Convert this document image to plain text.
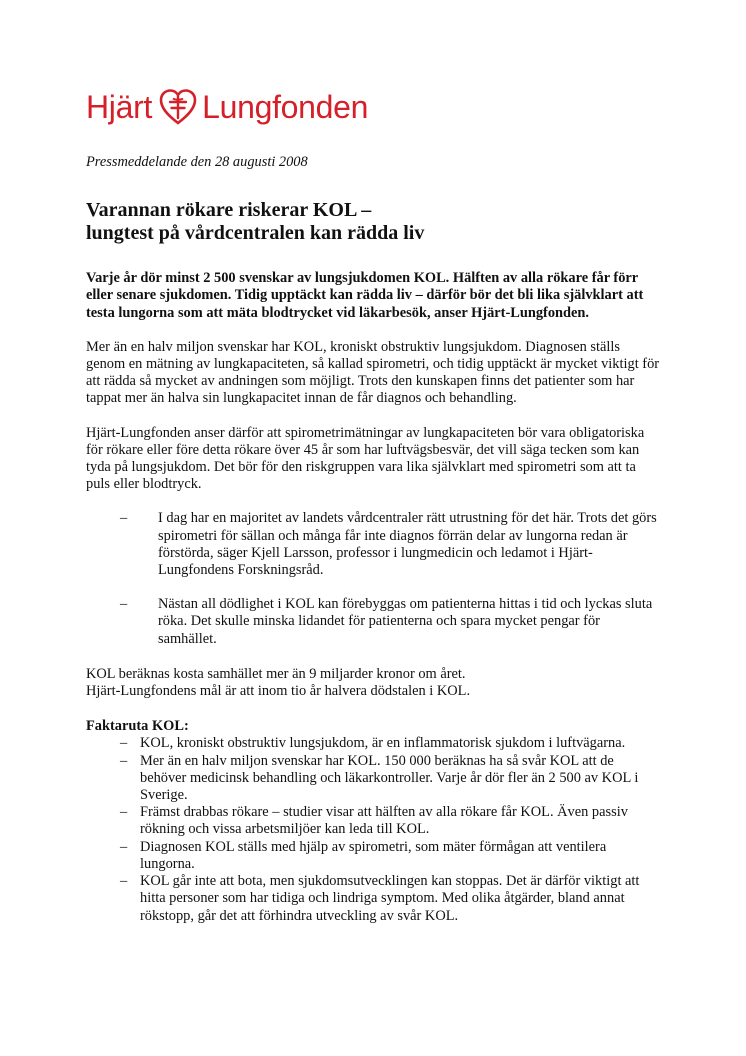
Hjärt Lungfonden

Pressmeddelande den 28 augusti 2008

Varannan rökare riskerar KOL –
lungtest på vårdcentralen kan rädda liv

Varje år dör minst 2 500 svenskar av lungsjukdomen KOL. Hälften av alla rökare får förr eller senare sjukdomen. Tidig upptäckt kan rädda liv – därför bör det bli lika självklart att testa lungorna som att mäta blodtrycket vid läkarbesök, anser Hjärt-Lungfonden.

Mer än en halv miljon svenskar har KOL, kroniskt obstruktiv lungsjukdom. Diagnosen ställs genom en mätning av lungkapaciteten, så kallad spirometri, och tidig upptäckt är mycket viktigt för att rädda så mycket av andningen som möjligt. Trots den kunskapen finns det patienter som har tappat mer än halva sin lungkapacitet innan de får diagnos och behandling.

Hjärt-Lungfonden anser därför att spirometrimätningar av lungkapaciteten bör vara obligatoriska för rökare eller före detta rökare över 45 år som har luftvägsbesvär, det vill säga tecken som kan tyda på lungsjukdom. Det bör för den riskgruppen vara lika självklart med spirometri som att ta puls eller blodtryck.

– I dag har en majoritet av landets vårdcentraler rätt utrustning för det här. Trots det görs spirometri för sällan och många får inte diagnos förrän delar av lungorna redan är förstörda, säger Kjell Larsson, professor i lungmedicin och ledamot i Hjärt-Lungfondens Forskningsråd.
– Nästan all dödlighet i KOL kan förebyggas om patienterna hittas i tid och lyckas sluta röka. Det skulle minska lidandet för patienterna och spara mycket pengar för samhället.

KOL beräknas kosta samhället mer än 9 miljarder kronor om året.
Hjärt-Lungfondens mål är att inom tio år halvera dödstalen i KOL.

Faktaruta KOL:

– KOL, kroniskt obstruktiv lungsjukdom, är en inflammatorisk sjukdom i luftvägarna.
– Mer än en halv miljon svenskar har KOL. 150 000 beräknas ha så svår KOL att de behöver medicinsk behandling och läkarkontroller. Varje år dör fler än 2 500 av KOL i Sverige.
– Främst drabbas rökare – studier visar att hälften av alla rökare får KOL. Även passiv rökning och vissa arbetsmiljöer kan leda till KOL.
– Diagnosen KOL ställs med hjälp av spirometri, som mäter förmågan att ventilera lungorna.
– KOL går inte att bota, men sjukdomsutvecklingen kan stoppas. Det är därför viktigt att hitta personer som har tidiga och lindriga symptom. Med olika åtgärder, bland annat rökstopp, går det att förhindra utveckling av svår KOL.
